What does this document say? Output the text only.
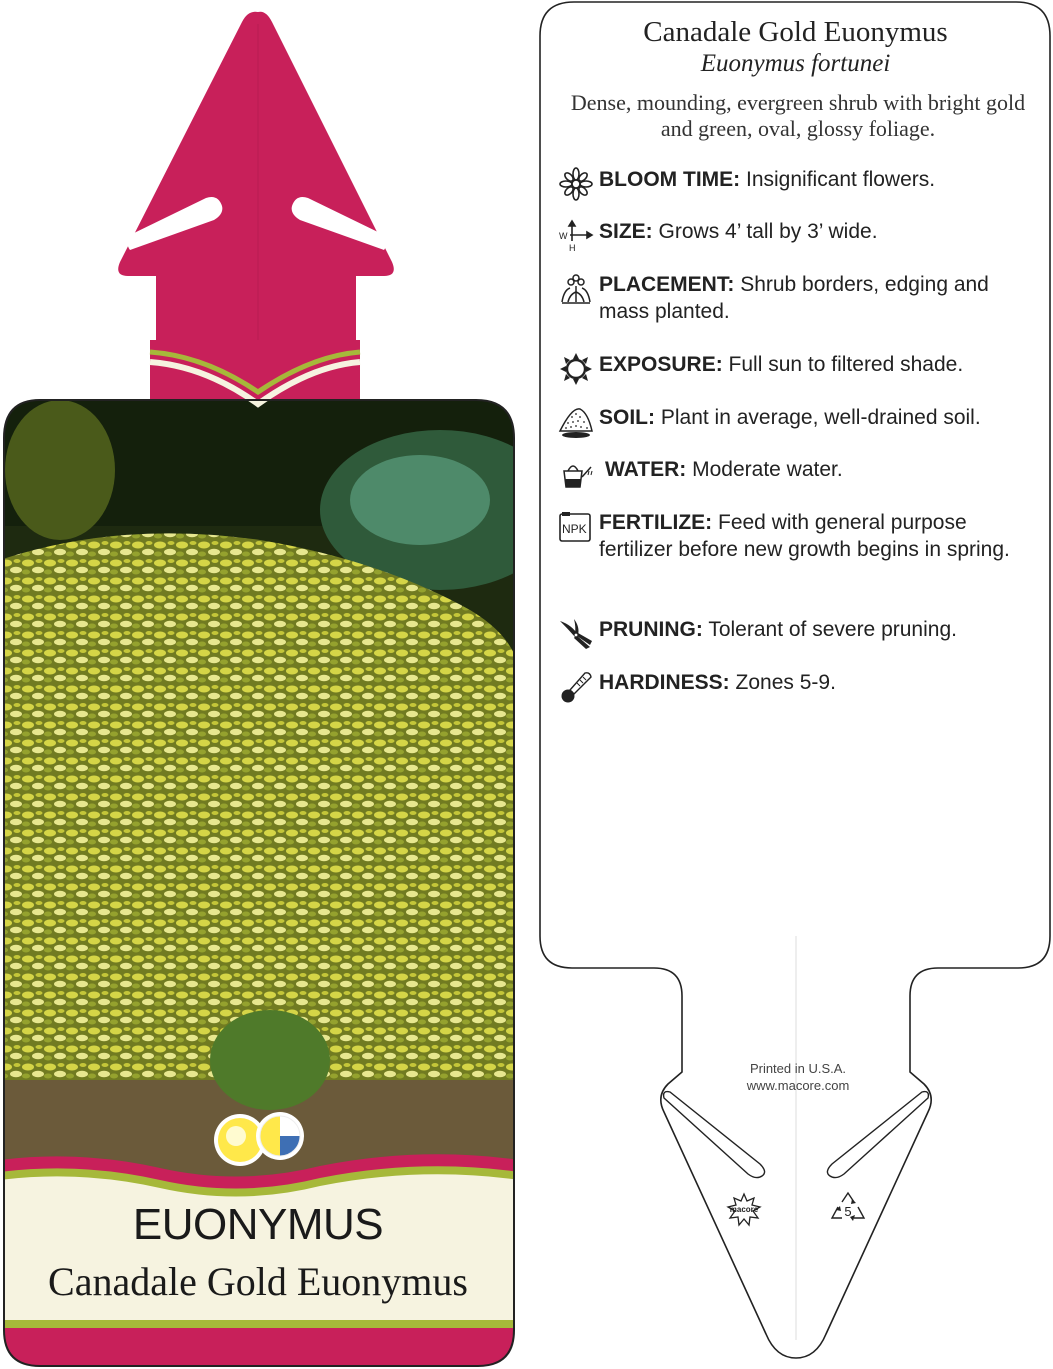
EUONYMUS
Canadale Gold Euonymus
Canadale Gold Euonymus
Euonymus fortunei
Dense, mounding, evergreen shrub with bright gold and green, oval, glossy foliage.
BLOOM TIME: Insignificant flowers.
W
H
SIZE: Grows 4’ tall by 3’ wide.
PLACEMENT: Shrub borders, edging and mass planted.
EXPOSURE: Full sun to filtered shade.
SOIL: Plant in average, well-drained soil.
WATER: Moderate water.
NPK FERTILIZE: Feed with general purpose fertilizer before new growth begins in spring.
PRUNING: Tolerant of severe pruning.
HARDINESS: Zones 5-9.
Printed in U.S.A.
www.macore.com
macore	5
